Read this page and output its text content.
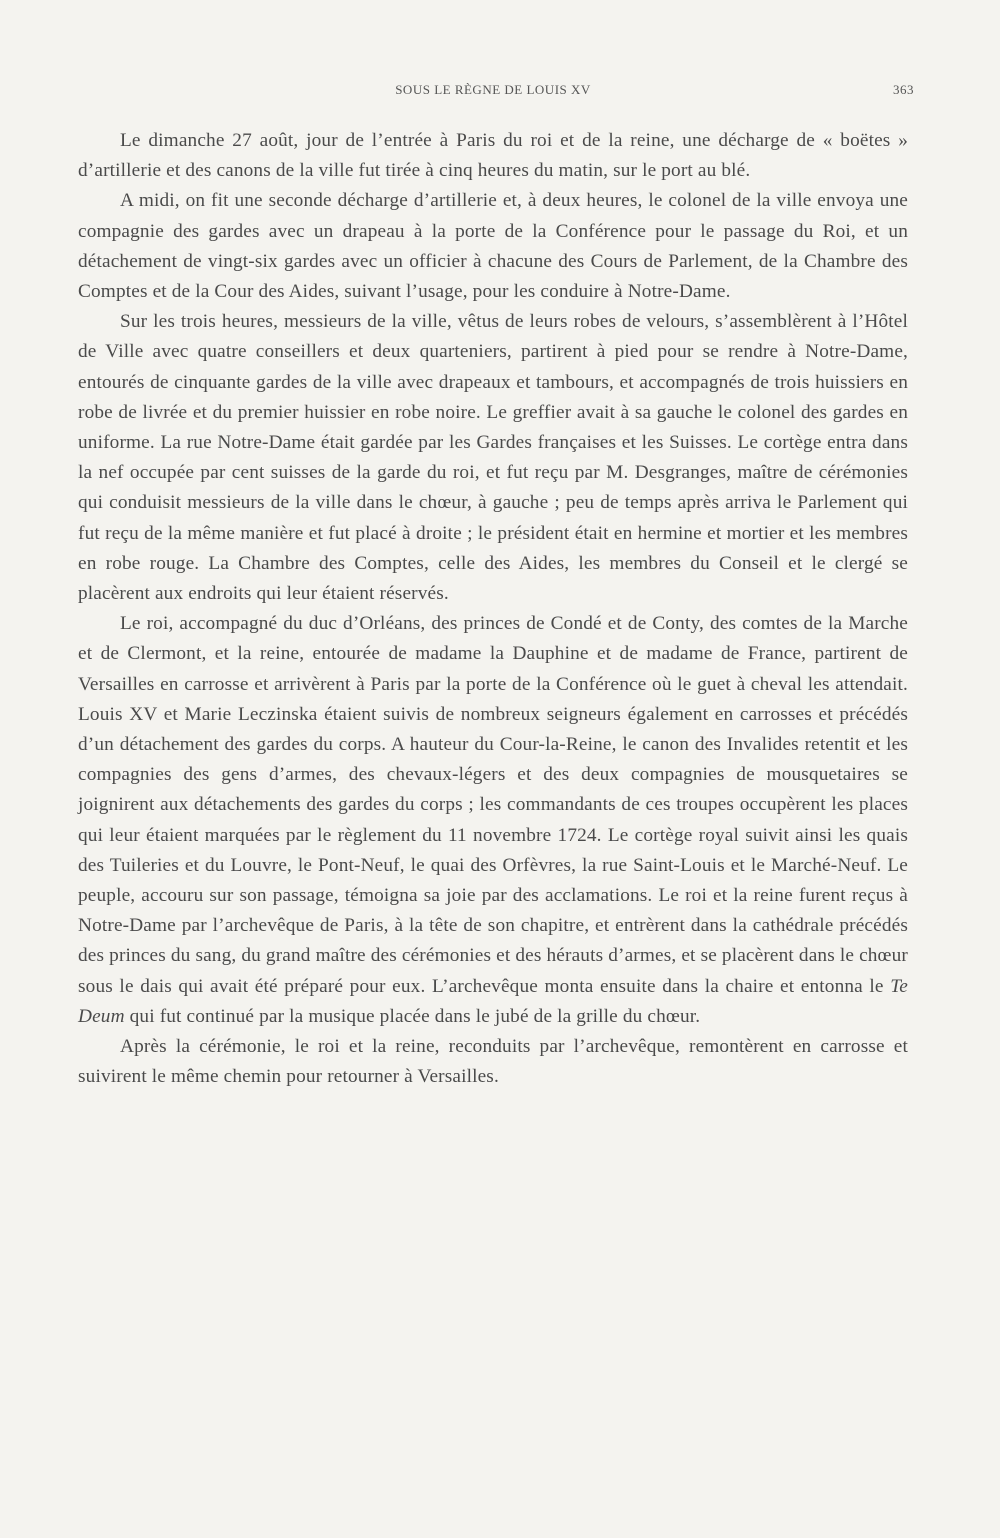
SOUS LE RÈGNE DE LOUIS XV	363

Le dimanche 27 août, jour de l’entrée à Paris du roi et de la reine, une décharge de « boëtes » d’artillerie et des canons de la ville fut tirée à cinq heures du matin, sur le port au blé.

A midi, on fit une seconde décharge d’artillerie et, à deux heures, le colonel de la ville envoya une compagnie des gardes avec un drapeau à la porte de la Conférence pour le passage du Roi, et un détachement de vingt-six gardes avec un officier à chacune des Cours de Parlement, de la Chambre des Comptes et de la Cour des Aides, suivant l’usage, pour les conduire à Notre-Dame.

Sur les trois heures, messieurs de la ville, vêtus de leurs robes de velours, s’assemblèrent à l’Hôtel de Ville avec quatre conseillers et deux quarteniers, partirent à pied pour se rendre à Notre-Dame, entourés de cinquante gardes de la ville avec drapeaux et tambours, et accompagnés de trois huissiers en robe de livrée et du premier huissier en robe noire. Le greffier avait à sa gauche le colonel des gardes en uniforme. La rue Notre-Dame était gardée par les Gardes françaises et les Suisses. Le cortège entra dans la nef occupée par cent suisses de la garde du roi, et fut reçu par M. Desgranges, maître de cérémonies qui conduisit messieurs de la ville dans le chœur, à gauche ; peu de temps après arriva le Parlement qui fut reçu de la même manière et fut placé à droite ; le président était en hermine et mortier et les membres en robe rouge. La Chambre des Comptes, celle des Aides, les membres du Conseil et le clergé se placèrent aux endroits qui leur étaient réservés.

Le roi, accompagné du duc d’Orléans, des princes de Condé et de Conty, des comtes de la Marche et de Clermont, et la reine, entourée de madame la Dauphine et de madame de France, partirent de Versailles en carrosse et arrivèrent à Paris par la porte de la Conférence où le guet à cheval les attendait. Louis XV et Marie Leczinska étaient suivis de nombreux seigneurs également en carrosses et précédés d’un détachement des gardes du corps. A hauteur du Cour-la-Reine, le canon des Invalides retentit et les compagnies des gens d’armes, des chevaux-légers et des deux compagnies de mousquetaires se joignirent aux détachements des gardes du corps ; les commandants de ces troupes occupèrent les places qui leur étaient marquées par le règlement du 11 novembre 1724. Le cortège royal suivit ainsi les quais des Tuileries et du Louvre, le Pont-Neuf, le quai des Orfèvres, la rue Saint-Louis et le Marché-Neuf. Le peuple, accouru sur son passage, témoigna sa joie par des acclamations. Le roi et la reine furent reçus à Notre-Dame par l’archevêque de Paris, à la tête de son chapitre, et entrèrent dans la cathédrale précédés des princes du sang, du grand maître des cérémonies et des hérauts d’armes, et se placèrent dans le chœur sous le dais qui avait été préparé pour eux. L’archevêque monta ensuite dans la chaire et entonna le Te Deum qui fut continué par la musique placée dans le jubé de la grille du chœur.

Après la cérémonie, le roi et la reine, reconduits par l’archevêque, remontèrent en carrosse et suivirent le même chemin pour retourner à Versailles.
